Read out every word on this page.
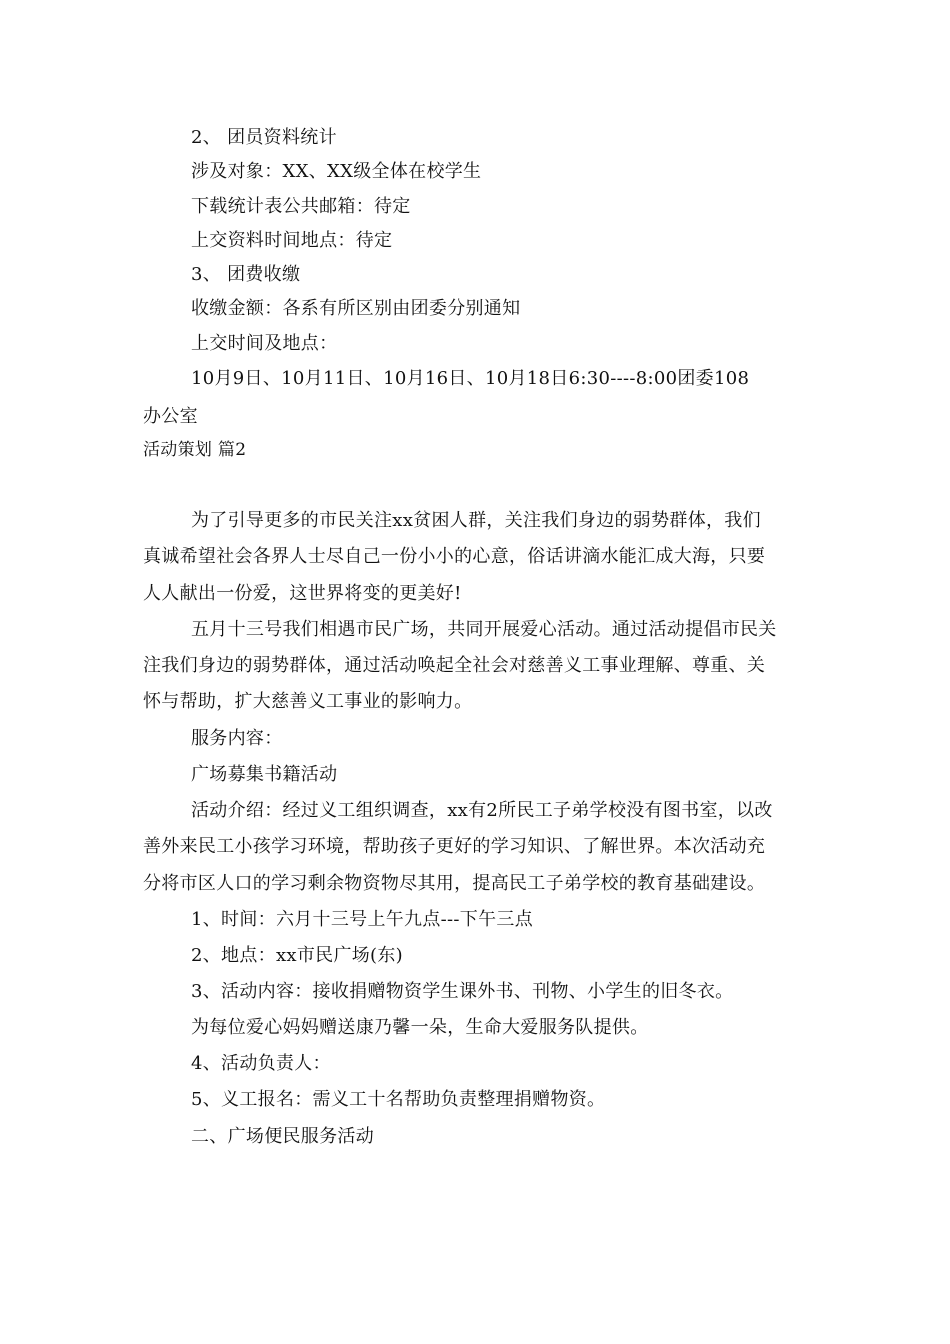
2、 团员资料统计
涉及对象：XX、XX级全体在校学生
下载统计表公共邮箱：待定
上交资料时间地点：待定
3、 团费收缴
收缴金额：各系有所区别由团委分别通知
上交时间及地点：
10月9日、10月11日、10月16日、10月18日6:30----8:00团委108
办公室
活动策划 篇2
为了引导更多的市民关注xx贫困人群，关注我们身边的弱势群体，我们
真诚希望社会各界人士尽自己一份小小的心意，俗话讲滴水能汇成大海，只要
人人献出一份爱，这世界将变的更美好!
五月十三号我们相遇市民广场，共同开展爱心活动。通过活动提倡市民关
注我们身边的弱势群体，通过活动唤起全社会对慈善义工事业理解、尊重、关
怀与帮助，扩大慈善义工事业的影响力。
服务内容：
广场募集书籍活动
活动介绍：经过义工组织调查，xx有2所民工子弟学校没有图书室，以改
善外来民工小孩学习环境，帮助孩子更好的学习知识、了解世界。本次活动充
分将市区人口的学习剩余物资物尽其用，提高民工子弟学校的教育基础建设。
1、时间：六月十三号上午九点---下午三点
2、地点：xx市民广场(东)
3、活动内容：接收捐赠物资学生课外书、刊物、小学生的旧冬衣。
为每位爱心妈妈赠送康乃馨一朵，生命大爱服务队提供。
4、活动负责人：
5、义工报名：需义工十名帮助负责整理捐赠物资。
二、广场便民服务活动
